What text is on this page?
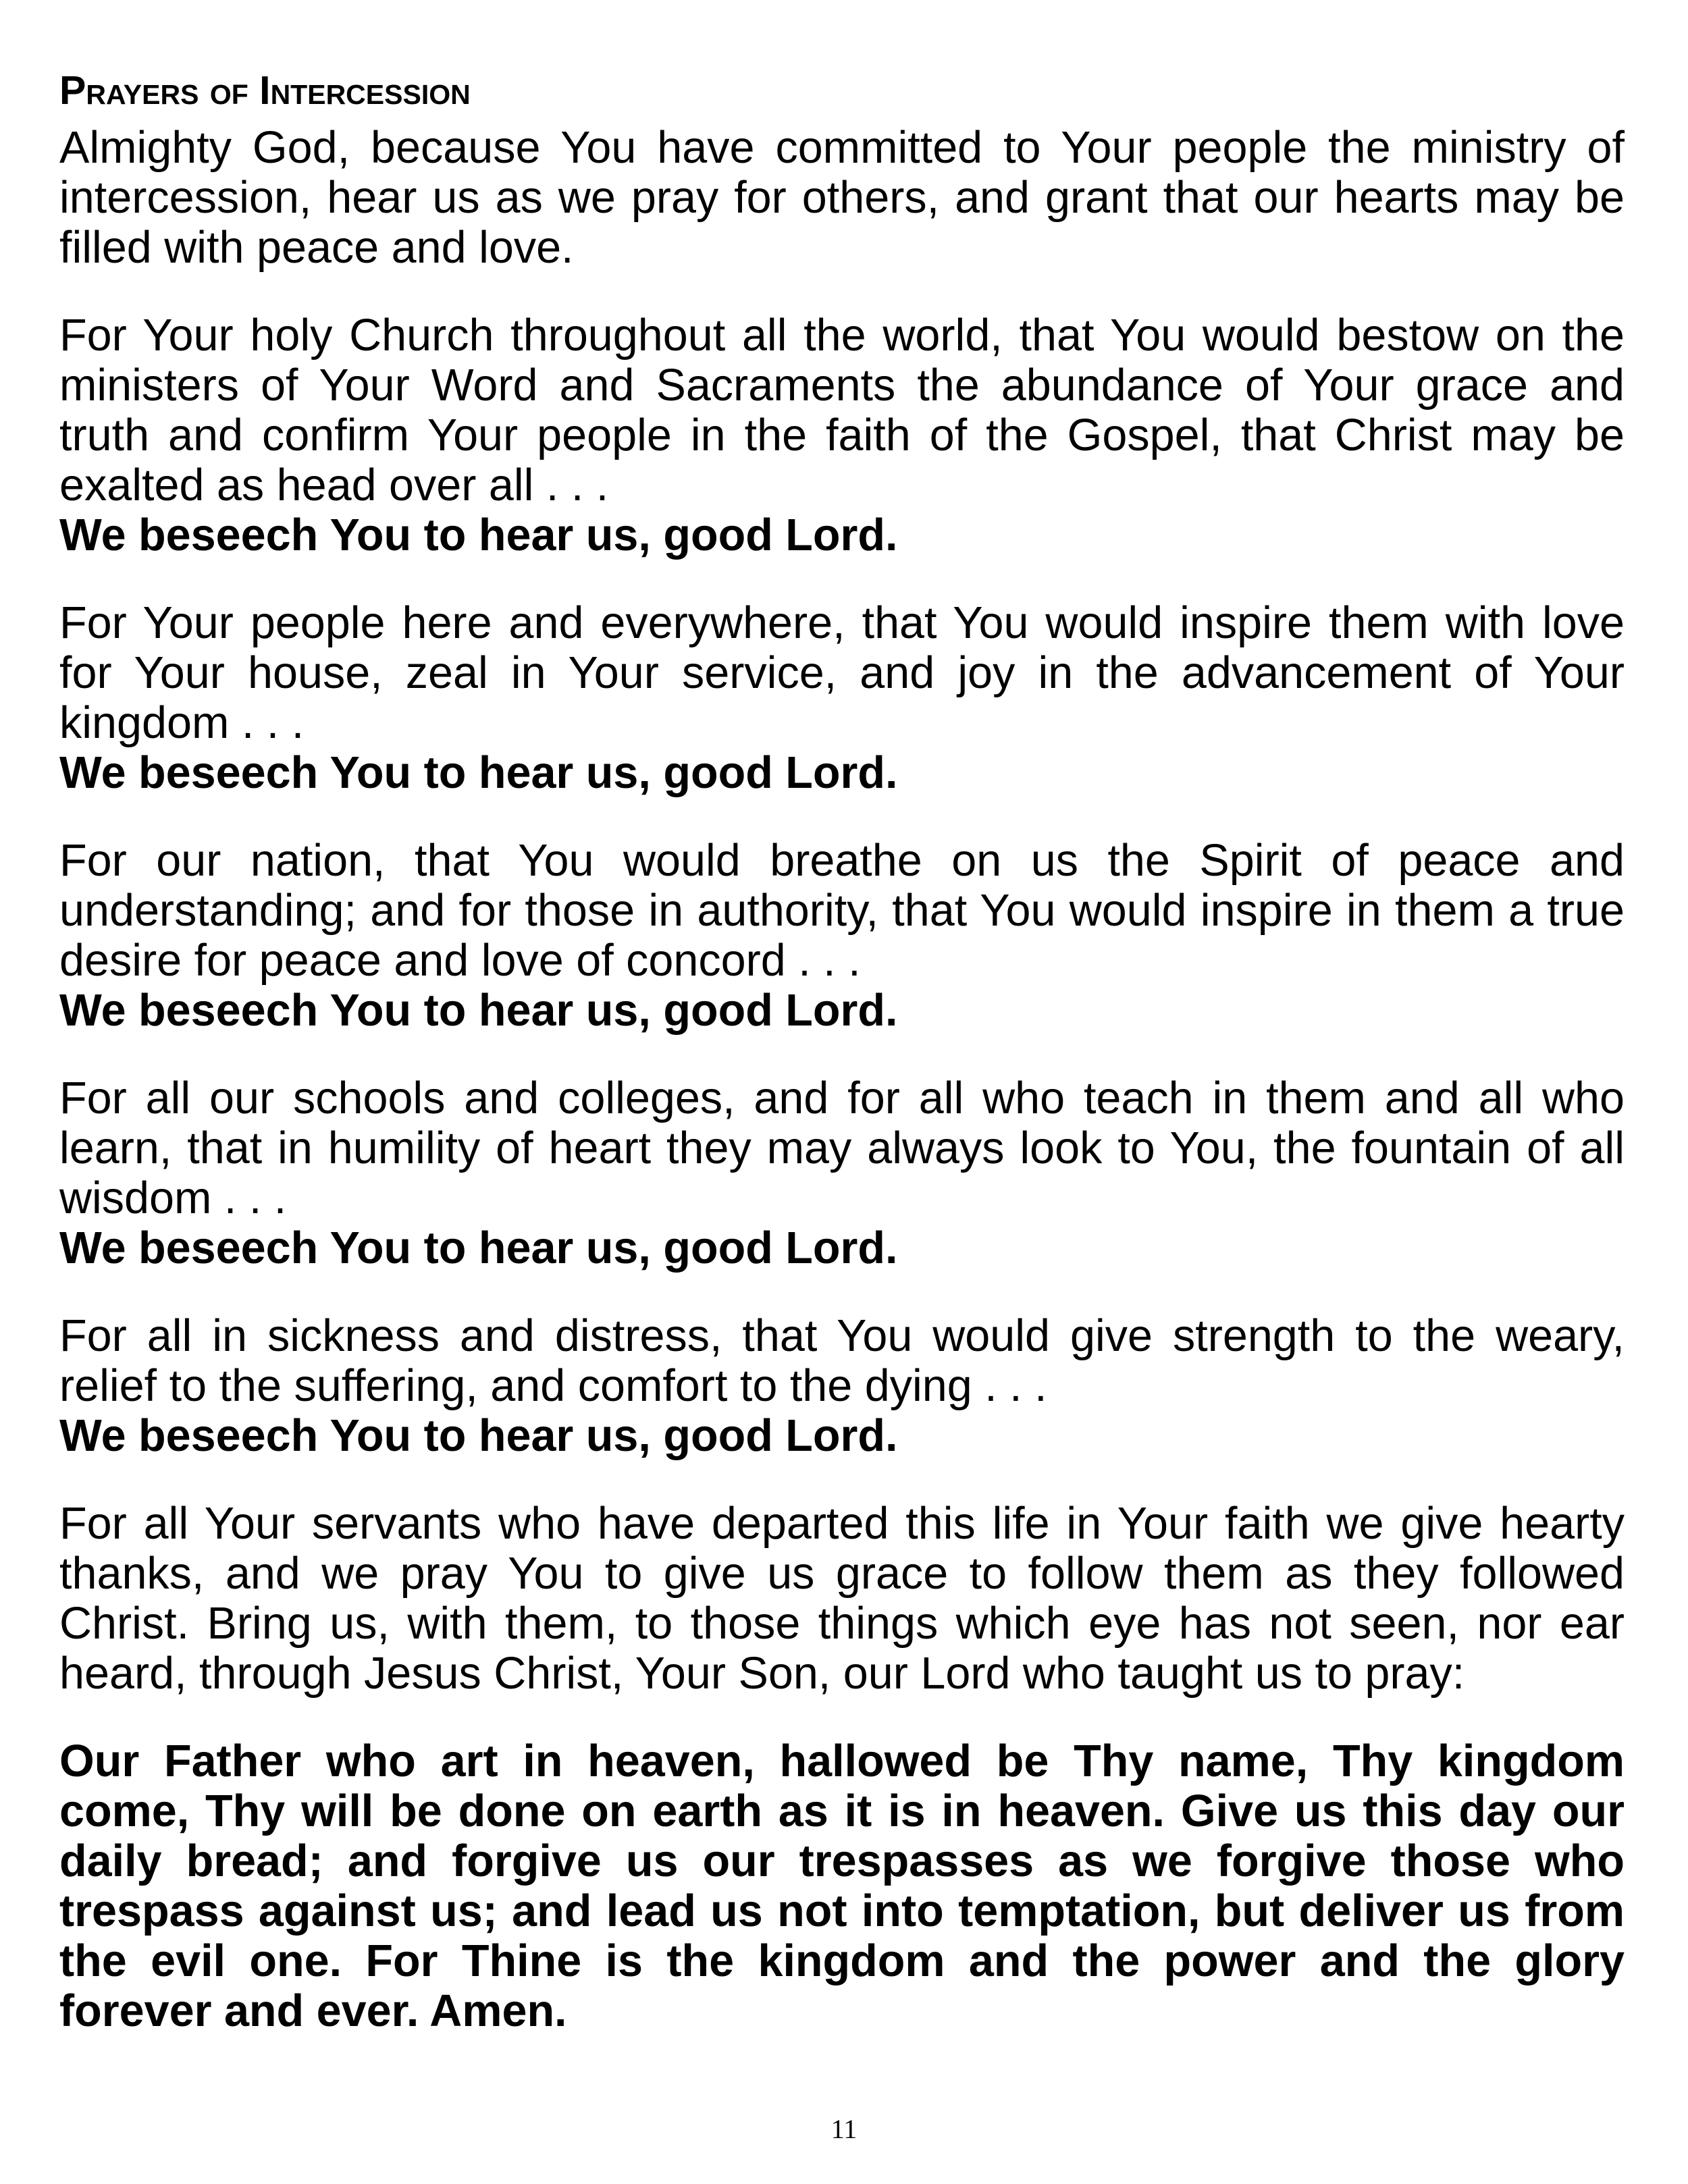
Prayers of Intercession

Almighty God, because You have committed to Your people the ministry of intercession, hear us as we pray for others, and grant that our hearts may be filled with peace and love.

For Your holy Church throughout all the world, that You would bestow on the ministers of Your Word and Sacraments the abundance of Your grace and truth and confirm Your people in the faith of the Gospel, that Christ may be exalted as head over all . . .
We beseech You to hear us, good Lord.
For Your people here and everywhere, that You would inspire them with love for Your house, zeal in Your service, and joy in the advancement of Your kingdom . . .
We beseech You to hear us, good Lord.
For our nation, that You would breathe on us the Spirit of peace and understanding; and for those in authority, that You would inspire in them a true desire for peace and love of concord . . .
We beseech You to hear us, good Lord.
For all our schools and colleges, and for all who teach in them and all who learn, that in humility of heart they may always look to You, the fountain of all wisdom . . .
We beseech You to hear us, good Lord.
For all in sickness and distress, that You would give strength to the weary, relief to the suffering, and comfort to the dying . . .
We beseech You to hear us, good Lord.

For all Your servants who have departed this life in Your faith we give hearty thanks, and we pray You to give us grace to follow them as they followed Christ. Bring us, with them, to those things which eye has not seen, nor ear heard, through Jesus Christ, Your Son, our Lord who taught us to pray:

Our Father who art in heaven, hallowed be Thy name, Thy kingdom come, Thy will be done on earth as it is in heaven. Give us this day our daily bread; and forgive us our trespasses as we forgive those who trespass against us; and lead us not into temptation, but deliver us from the evil one. For Thine is the kingdom and the power and the glory forever and ever. Amen.

11
